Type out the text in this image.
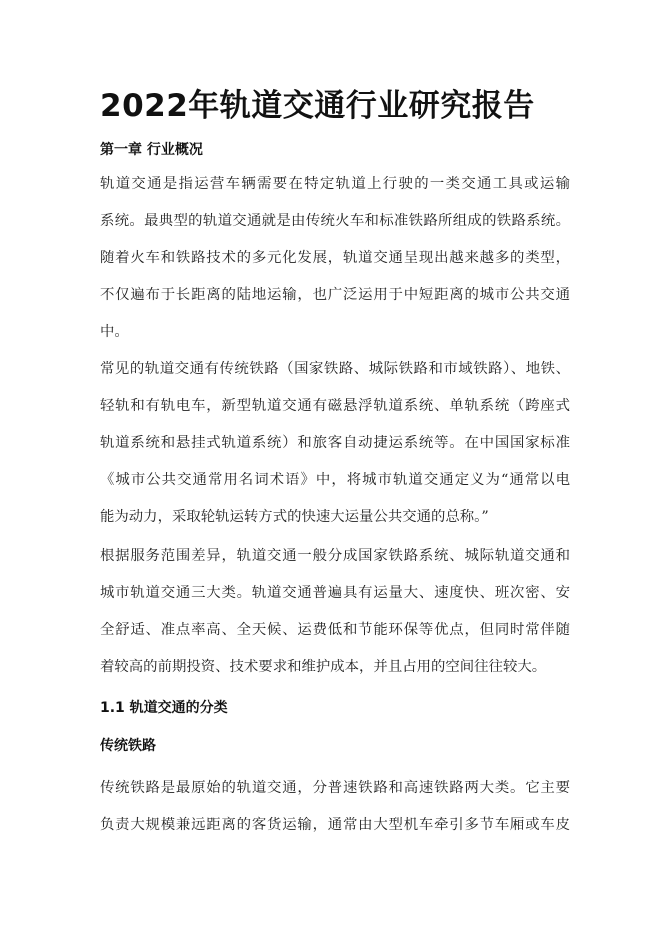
2022年轨道交通行业研究报告
第一章 行业概况
轨道交通是指运营车辆需要在特定轨道上行驶的一类交通工具或运输
系统。最典型的轨道交通就是由传统火车和标准铁路所组成的铁路系统。
随着火车和铁路技术的多元化发展，轨道交通呈现出越来越多的类型，
不仅遍布于长距离的陆地运输，也广泛运用于中短距离的城市公共交通
中。
常见的轨道交通有传统铁路（国家铁路、城际铁路和市域铁路）、地铁、
轻轨和有轨电车，新型轨道交通有磁悬浮轨道系统、单轨系统（跨座式
轨道系统和悬挂式轨道系统）和旅客自动捷运系统等。在中国国家标准
《城市公共交通常用名词术语》中，将城市轨道交通定义为“通常以电
能为动力，采取轮轨运转方式的快速大运量公共交通的总称。”
根据服务范围差异，轨道交通一般分成国家铁路系统、城际轨道交通和
城市轨道交通三大类。轨道交通普遍具有运量大、速度快、班次密、安
全舒适、准点率高、全天候、运费低和节能环保等优点，但同时常伴随
着较高的前期投资、技术要求和维护成本，并且占用的空间往往较大。
1.1 轨道交通的分类
传统铁路
传统铁路是最原始的轨道交通，分普速铁路和高速铁路两大类。它主要
负责大规模兼远距离的客货运输，通常由大型机车牵引多节车厢或车皮
